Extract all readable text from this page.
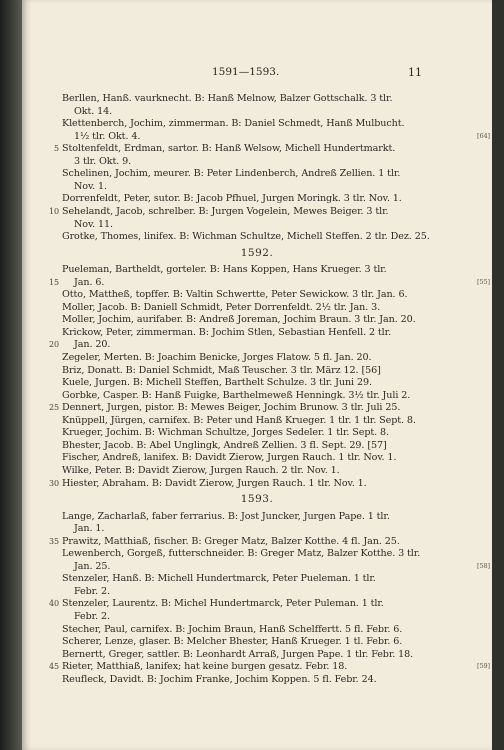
1591—1593.	11
Berllen, Hanß. vaurknecht. B: Hanß Melnow, Balzer Gottschalk. 3 tlr.
Okt. 14.
Klettenberch, Jochim, zimmerman. B: Daniel Schmedt, Hanß Mulbucht.
1½ tlr. Okt. 4.	[64]
Stoltenfeldt, Erdman, sartor. B: Hanß Welsow, Michell Hundertmarkt.
5
3 tlr. Okt. 9.
Schelinen, Jochim, meurer. B: Peter Lindenberch, Andreß Zellien. 1 tlr.
Nov. 1.
Dorrenfeldt, Peter, sutor. B: Jacob Pfhuel, Jurgen Moringk. 3 tlr. Nov. 1.
Sehelandt, Jacob, schrelber. B: Jurgen Vogelein, Mewes Beiger. 3 tlr.
10
Nov. 11.
Grotke, Thomes, linifex. B: Wichman Schultze, Michell Steffen. 2 tlr. Dez. 25.
1592.
Pueleman, Bartheldt, gorteler. B: Hans Koppen, Hans Krueger. 3 tlr.
Jan. 6.
15	[55]
Otto, Mattheß, topffer. B: Valtin Schwerttе, Peter Sewickow. 3 tlr. Jan. 6.
Moller, Jacob. B: Daniell Schmidt, Peter Dorrenfeldt. 2½ tlr. Jan. 3.
Moller, Jochim, aurifaber. B: Andreß Joreman, Jochim Braun. 3 tlr. Jan. 20.
Krickow, Peter, zimmerman. B: Jochim Stlen, Sebastian Henfell. 2 tlr.
Jan. 20.
20
Zegeler, Merten. B: Joachim Benicke, Jorges Flatow. 5 fl. Jan. 20.
Briz, Donatt. B: Daniel Schmidt, Maß Teuscher. 3 tlr. März 12. [56]
Kuele, Jurgen. B: Michell Steffen, Barthelt Schulze. 3 tlr. Juni 29.
Gorbke, Casper. B: Hanß Fuigke, Barthelmeweß Henningk. 3½ tlr. Juli 2.
Dennert, Jurgen, pistor. B: Mewes Beiger, Jochim Brunow. 3 tlr. Juli 25.
25
Knüppell, Jürgen, carnifex. B: Peter und Hanß Krueger. 1 tlr. 1 tlr. Sept. 8.
Krueger, Jochim. B: Wichman Schultze, Jorges Sedeler. 1 tlr. Sept. 8.
Bhester, Jacob. B: Abel Unglingk, Andreß Zellien. 3 fl. Sept. 29. [57]
Fischer, Andreß, lanifex. B: Davidt Zierow, Jurgen Rauch. 1 tlr. Nov. 1.
Wilke, Peter. B: Davidt Zierow, Jurgen Rauch. 2 tlr. Nov. 1.
Hiester, Abraham. B: Davidt Zierow, Jurgen Rauch. 1 tlr. Nov. 1.
30
1593.
Lange, Zacharlaß, faber ferrarius. B: Jost Juncker, Jurgen Pape. 1 tlr.
Jan. 1.
Prawitz, Matthiaß, fischer. B: Greger Matz, Balzer Kotthe. 4 fl. Jan. 25.
35
Lewenberch, Gorgeß, futterschneider. B: Greger Matz, Balzer Kotthe. 3 tlr.
Jan. 25.	[58]
Stenzeler, Hanß. B: Michell Hundertmarck, Peter Pueleman. 1 tlr.
Febr. 2.
Stenzeler, Laurentz. B: Michel Hundertmarck, Peter Puleman. 1 tlr.
40
Febr. 2.
Stecher, Paul, carnifex. B: Jochim Braun, Hanß Schelffertt. 5 fl. Febr. 6.
Scherer, Lenze, glaser. B: Melcher Bhester, Hanß Krueger. 1 tl. Febr. 6.
Bernertt, Greger, sattler. B: Leonhardt Arraß, Jurgen Pape. 1 tlr. Febr. 18.
Rieter, Matthiaß, lanifex; hat keine burgen gesatz. Febr. 18.
45	[59]
Reufleck, Davidt. B: Jochim Franke, Jochim Koppen. 5 fl. Febr. 24.
